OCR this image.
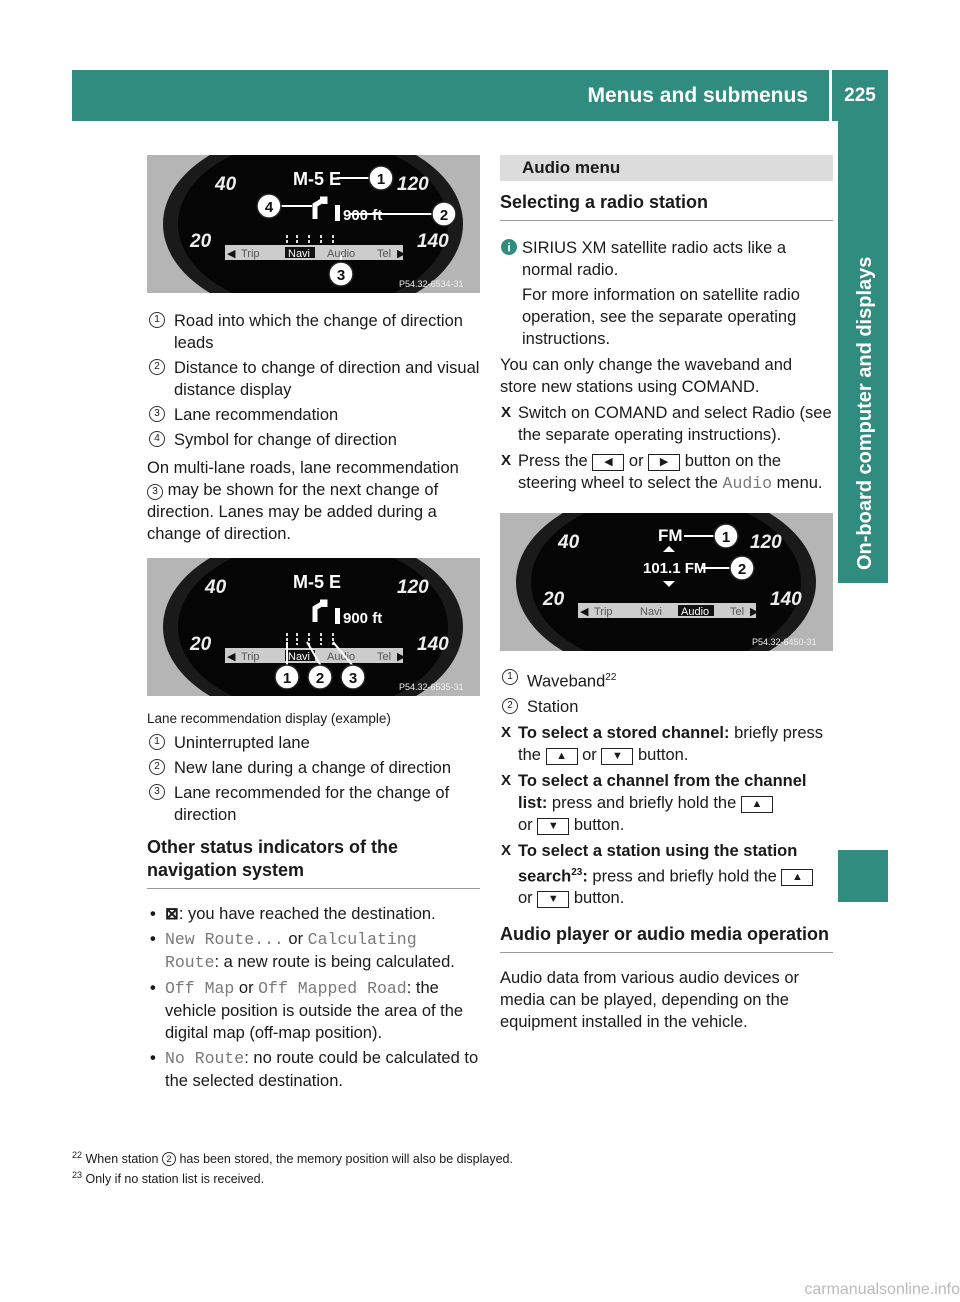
Menus and submenus	225
On-board computer and displays
40	120
20	140
M-5 E
900 ft
◀ Trip	Navi Audio Tel ▶
1
2
3
4
P54.32-6534-31
1 Road into which the change of direction leads
2 Distance to change of direction and visual distance display
3 Lane recommendation
4 Symbol for change of direction

On multi-lane roads, lane recommendation
3 may be shown for the next change of direction. Lanes may be added during a change of direction.

40	120
20	140
M-5 E
900 ft
◀ Trip	Navi Audio Tel ▶
1 2 3	P54.32-6535-31
Lane recommendation display (example)
1 Uninterrupted lane
2 New lane during a change of direction
3 Lane recommended for the change of direction
Other status indicators of the navigation system
• ⊠: you have reached the destination.
• New Route... or Calculating Route: a new route is being calculated.
• Off Map or Off Mapped Road: the vehicle position is outside the area of the digital map (off-map position).
• No Route: no route could be calculated to the selected destination.
Audio menu
Selecting a radio station
i SIRIUS XM satellite radio acts like a normal radio.

For more information on satellite radio operation, see the separate operating instructions.

You can only change the waveband and store new stations using COMAND.

X Switch on COMAND and select Radio (see the separate operating instructions).
X Press the ◀ or ▶ button on the steering wheel to select the Audio menu.
40	120
20	140
FM
101.1 FM
◀ Trip Navi Audio Tel ▶
1
2
P54.32-6450-31
1 Waveband$^{22}$
2 Station
X To select a stored channel: briefly press the ▲ or ▼ button.
X To select a channel from the channel list: press and briefly hold the ▲
or ▼ button.
X To select a station using the station search$^{23}$: press and briefly hold the ▲
or ▼ button.
Audio player or audio media operation

Audio data from various audio devices or media can be played, depending on the equipment installed in the vehicle.

$^{22}$ When station 2 has been stored, the memory position will also be displayed.
$^{23}$ Only if no station list is received.
carmanualsonline.info
